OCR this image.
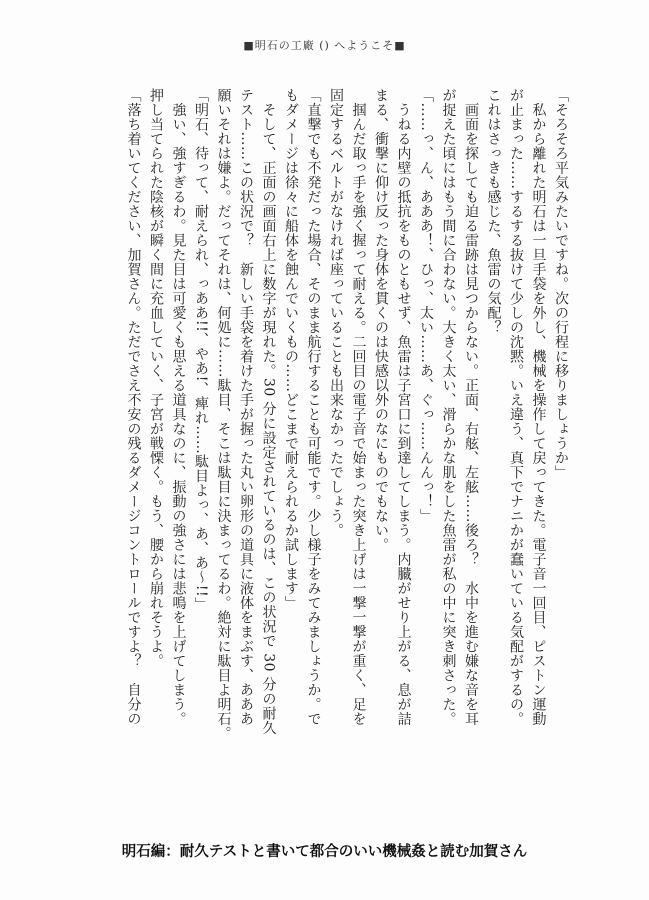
■明石の工廠 () へようこそ■

「そろそろ平気みたいですね。次の行程に移りましょうか」

　私から離れた明石は一旦手袋を外し、機械を操作して戻ってきた。電子音一回目、ピストン運動

が止まった……するする抜けて少しの沈黙。いえ違う、真下でナニかが蠢いている気配がするの。

これはさっきも感じた、魚雷の気配？

　画面を探しても迫る雷跡は見つからない。正面、右舷、左舷……後ろ？　水中を進む嫌な音を耳

が捉えた頃にはもう間に合わない。大きく太い、滑らかな肌をした魚雷が私の中に突き刺さった。

「……っ、ん、あああ！、ひっ、太い……あ、ぐっ……んんっ！」

　うねる内壁の抵抗をものともせず、魚雷は子宮口に到達してしまう。内臓がせり上がる、息が詰

まる、衝撃に仰け反った身体を貫くのは快感以外のなにものでもない。

　掴んだ取っ手を強く握って耐える。二回目の電子音で始まった突き上げは一撃一撃が重く、足を

固定するベルトがなければ座っていることも出来なかったでしょう。

「直撃でも不発だった場合、そのまま航行することも可能です。少し様子をみてみましょうか。で

もダメージは徐々に船体を蝕んでいくもの……どこまで耐えられるか試します」

　そして、正面の画面右上に数字が現れた。30 分に設定されているのは、この状況で 30 分の耐久

テスト……この状況で？　新しい手袋を着けた手が握った丸い卵形の道具に液体をまぶす、あああ

願いそれは嫌よ。だってそれは、何処に……駄目、そこは駄目に決まってるわ。絶対に駄目よ明石。

「明石、待って、耐えられ、っああ!!、やあ!、痺れ……駄目よっ、あ、あ～!!」

　強い、強すぎるわ。見た目は可愛くも思える道具なのに、振動の強さには悲鳴を上げてしまう。

押し当てられた陰核が瞬く間に充血していく、子宮が戦慄く。もう、腰から崩れそうよ。

「落ち着いてください、加賀さん。ただでさえ不安の残るダメージコントロールですよ？　自分の

明石編：耐久テストと書いて都合のいい機械姦と読む加賀さん
